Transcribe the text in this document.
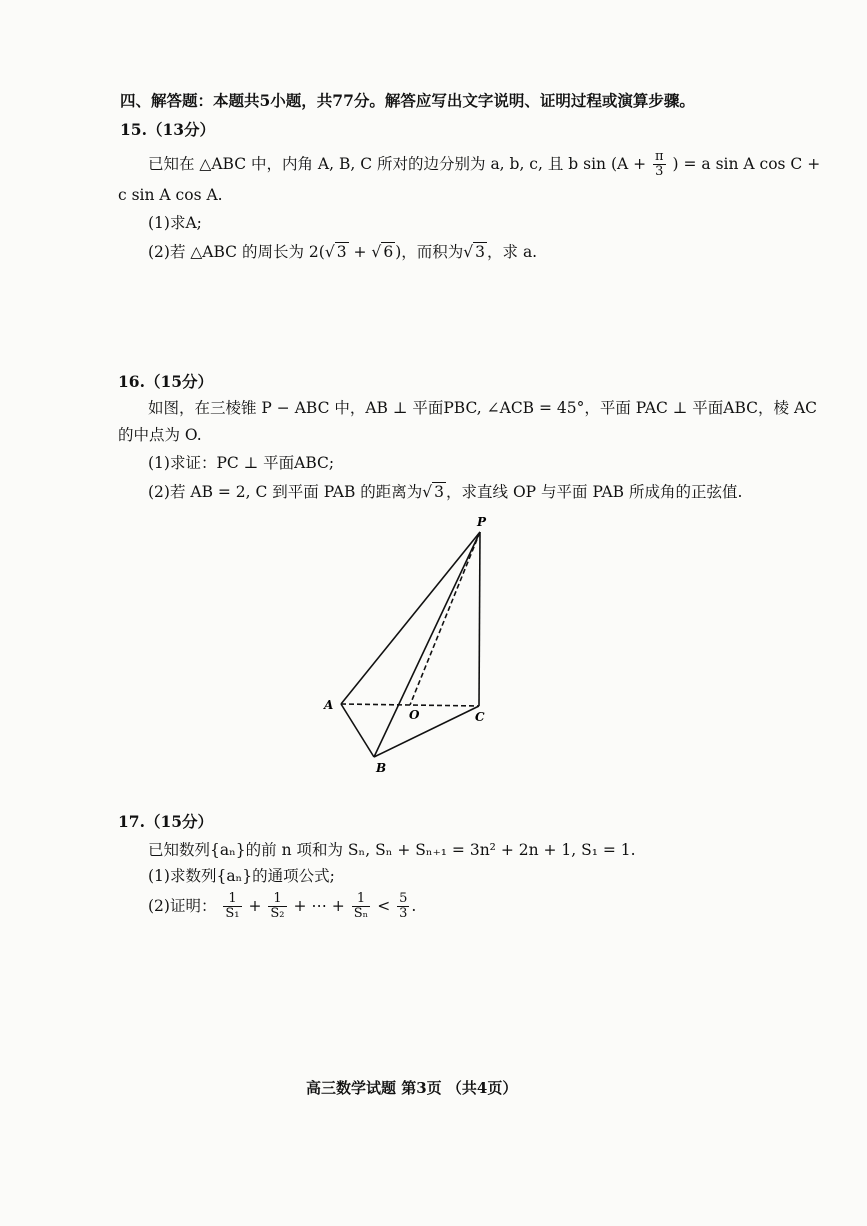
四、解答题：本题共5小题，共77分。解答应写出文字说明、证明过程或演算步骤。
15.（13分）
已知在 △ABC 中，内角 A, B, C 所对的边分别为 a, b, c, 且 b $\sin (A + \frac{\pi}{3}$ ) = a sin A cos C +
c sin A cos A.
(1)求A;
(2)若 △ABC 的周长为 2(√ 3 + √ 6 )，而积为√ 3 ，求 a.
16.（15分）
如图，在三棱锥 P − ABC 中，AB ⊥ 平面PBC, ∠ACB = 45°，平面 PAC ⊥ 平面ABC，棱 AC
的中点为 O.
(1)求证：PC ⊥ 平面ABC;
(2)若 AB = 2, C 到平面 PAB 的距离为√ 3 ，求直线 OP 与平面 PAB 所成角的正弦值.
P
A
O	C
B
17.（15分）
已知数列{aₙ}的前 n 项和为 Sₙ, Sₙ + Sₙ₊₁ = 3n² + 2n + 1, S₁ = 1.
(1)求数列{aₙ}的通项公式;
(2)证明： $\frac{1}{\text{S₁}} + \frac{1}{\text{S₂}}$ + ⋯ + $\frac{1}{\text{Sₙ}} < \frac{5}{3}$ .
高三数学试题 第3页 （共4页）
